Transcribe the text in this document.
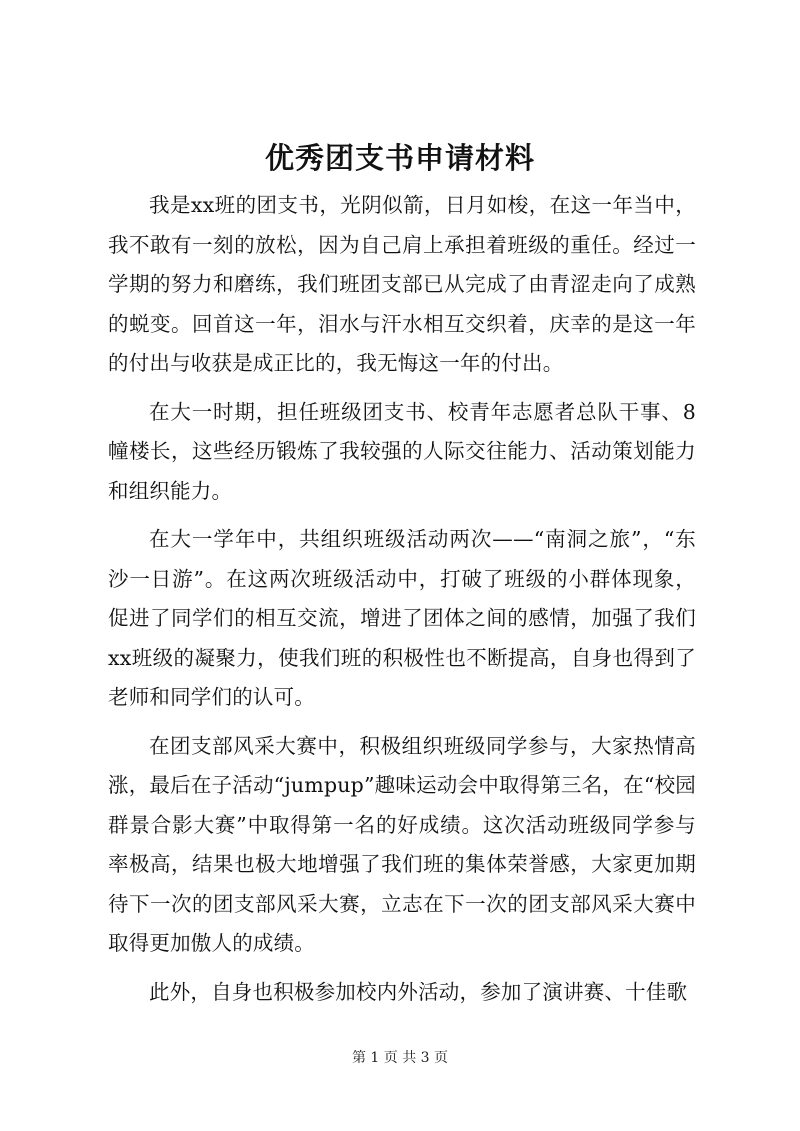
优秀团支书申请材料

我是xx班的团支书，光阴似箭，日月如梭，在这一年当中，我不敢有一刻的放松，因为自己肩上承担着班级的重任。经过一学期的努力和磨练，我们班团支部已从完成了由青涩走向了成熟的蜕变。回首这一年，泪水与汗水相互交织着，庆幸的是这一年的付出与收获是成正比的，我无悔这一年的付出。

在大一时期，担任班级团支书、校青年志愿者总队干事、8幢楼长，这些经历锻炼了我较强的人际交往能力、活动策划能力和组织能力。

在大一学年中，共组织班级活动两次——“南洞之旅”，“东沙一日游”。在这两次班级活动中，打破了班级的小群体现象，促进了同学们的相互交流，增进了团体之间的感情，加强了我们xx班级的凝聚力，使我们班的积极性也不断提高，自身也得到了老师和同学们的认可。

在团支部风采大赛中，积极组织班级同学参与，大家热情高涨，最后在子活动“jumpup”趣味运动会中取得第三名，在“校园群景合影大赛”中取得第一名的好成绩。这次活动班级同学参与率极高，结果也极大地增强了我们班的集体荣誉感，大家更加期待下一次的团支部风采大赛，立志在下一次的团支部风采大赛中取得更加傲人的成绩。

此外，自身也积极参加校内外活动，参加了演讲赛、十佳歌

第 1 页 共 3 页
